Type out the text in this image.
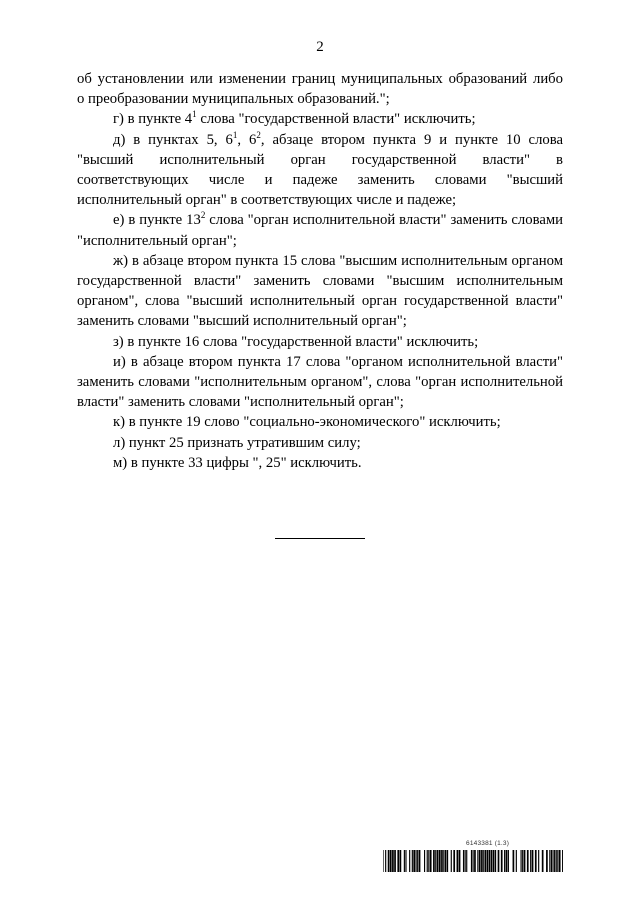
2

об установлении или изменении границ муниципальных образований либо

о преобразовании муниципальных образований.";

г) в пункте $4^1$ слова "государственной власти" исключить;

д) в пунктах 5, $6^1$, $6^2$, абзаце втором пункта 9 и пункте 10 слова "высший исполнительный орган государственной власти" в соответствующих числе и падеже заменить словами "высший исполнительный орган" в соответствующих числе и падеже;

е) в пункте $13^2$ слова "орган исполнительной власти" заменить словами "исполнительный орган";

ж) в абзаце втором пункта 15 слова "высшим исполнительным органом государственной власти" заменить словами "высшим исполнительным органом", слова "высший исполнительный орган государственной власти" заменить словами "высший исполнительный орган";

з) в пункте 16 слова "государственной власти" исключить;

и) в абзаце втором пункта 17 слова "органом исполнительной власти" заменить словами "исполнительным органом", слова "орган исполнительной власти" заменить словами "исполнительный орган";

к) в пункте 19 слово "социально-экономического" исключить;

л) пункт 25 признать утратившим силу;

м) в пункте 33 цифры ", 25" исключить.

6143381 (1.3)
